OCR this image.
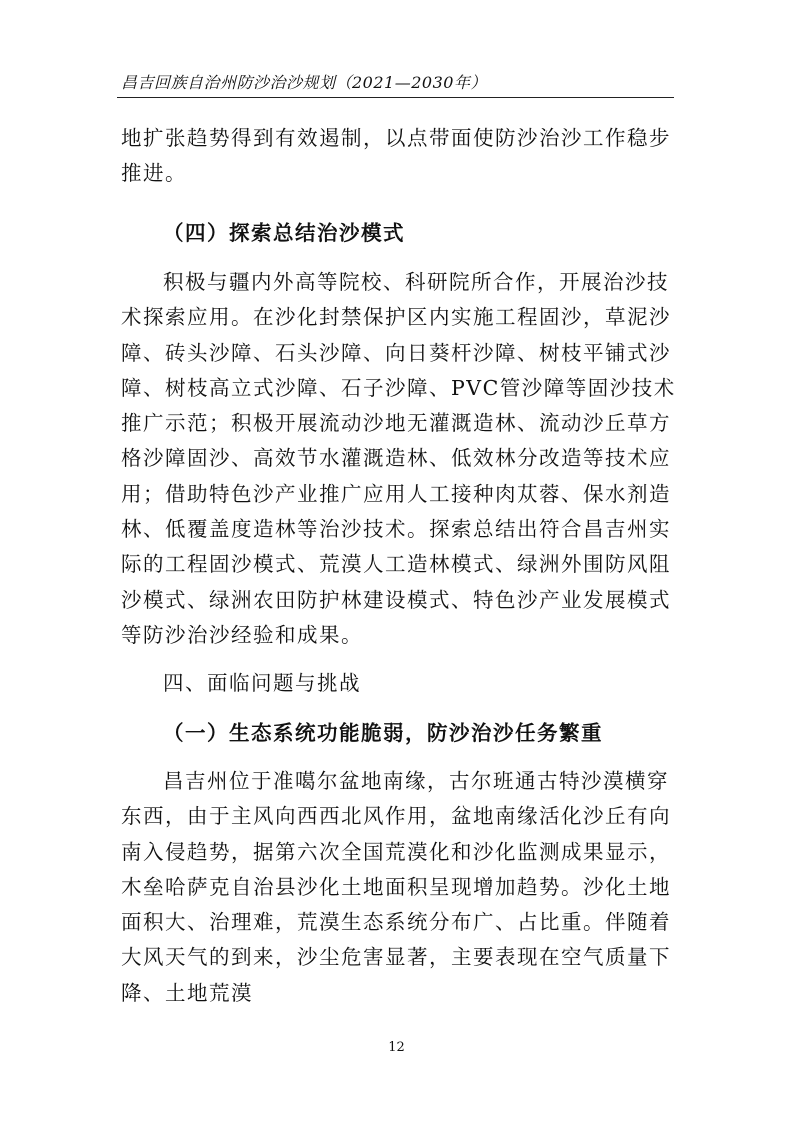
昌吉回族自治州防沙治沙规划（2021—2030年）

地扩张趋势得到有效遏制，以点带面使防沙治沙工作稳步推进。

（四）探索总结治沙模式

积极与疆内外高等院校、科研院所合作，开展治沙技术探索应用。在沙化封禁保护区内实施工程固沙，草泥沙障、砖头沙障、石头沙障、向日葵杆沙障、树枝平铺式沙障、树枝高立式沙障、石子沙障、PVC管沙障等固沙技术推广示范；积极开展流动沙地无灌溉造林、流动沙丘草方格沙障固沙、高效节水灌溉造林、低效林分改造等技术应用；借助特色沙产业推广应用人工接种肉苁蓉、保水剂造林、低覆盖度造林等治沙技术。探索总结出符合昌吉州实际的工程固沙模式、荒漠人工造林模式、绿洲外围防风阻沙模式、绿洲农田防护林建设模式、特色沙产业发展模式等防沙治沙经验和成果。

四、面临问题与挑战
（一）生态系统功能脆弱，防沙治沙任务繁重

昌吉州位于准噶尔盆地南缘，古尔班通古特沙漠横穿东西，由于主风向西西北风作用，盆地南缘活化沙丘有向南入侵趋势，据第六次全国荒漠化和沙化监测成果显示，木垒哈萨克自治县沙化土地面积呈现增加趋势。沙化土地面积大、治理难，荒漠生态系统分布广、占比重。伴随着大风天气的到来，沙尘危害显著，主要表现在空气质量下降、土地荒漠

12
